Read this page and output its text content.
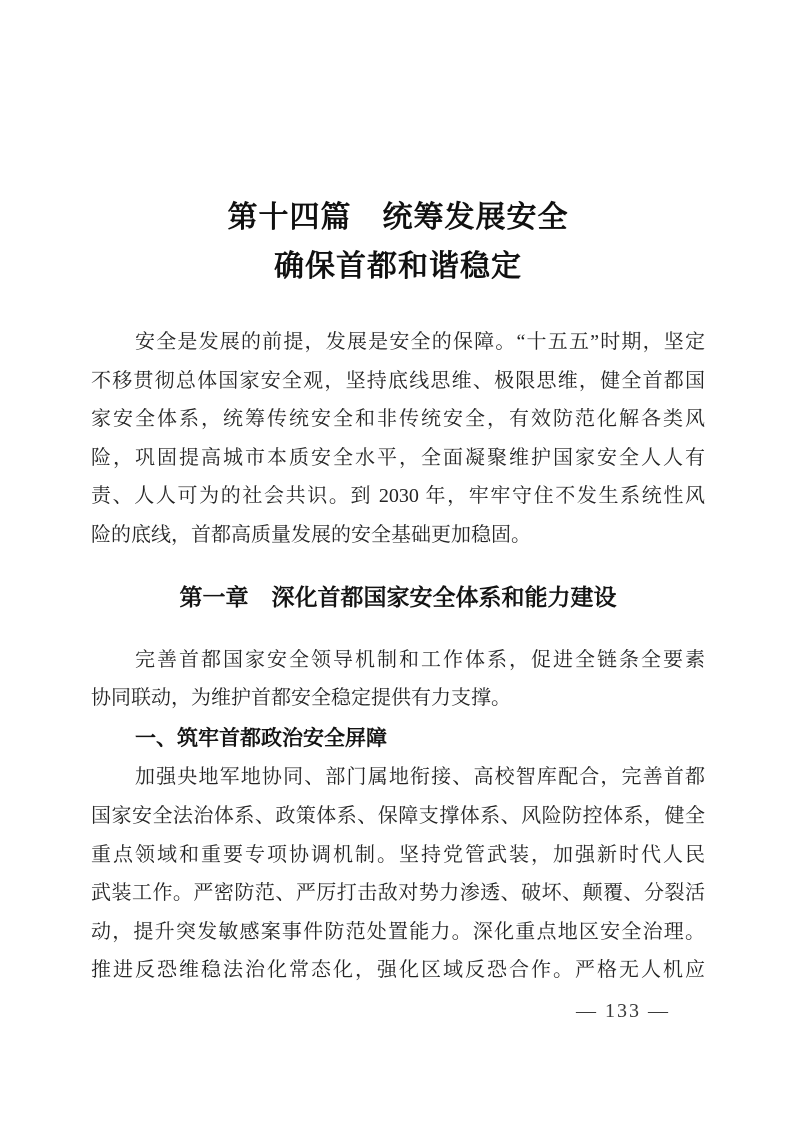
第十四篇　统筹发展安全
确保首都和谐稳定
安全是发展的前提，发展是安全的保障。“十五五”时期，坚定
不移贯彻总体国家安全观，坚持底线思维、极限思维，健全首都国
家安全体系，统筹传统安全和非传统安全，有效防范化解各类风
险，巩固提高城市本质安全水平，全面凝聚维护国家安全人人有
责、人人可为的社会共识。到 2030 年，牢牢守住不发生系统性风
险的底线，首都高质量发展的安全基础更加稳固。
第一章　深化首都国家安全体系和能力建设
完善首都国家安全领导机制和工作体系，促进全链条全要素
协同联动，为维护首都安全稳定提供有力支撑。
一、筑牢首都政治安全屏障
加强央地军地协同、部门属地衔接、高校智库配合，完善首都
国家安全法治体系、政策体系、保障支撑体系、风险防控体系，健全
重点领域和重要专项协调机制。坚持党管武装，加强新时代人民
武装工作。严密防范、严厉打击敌对势力渗透、破坏、颠覆、分裂活
动，提升突发敏感案事件防范处置能力。深化重点地区安全治理。
推进反恐维稳法治化常态化，强化区域反恐合作。严格无人机应
— 133 —
